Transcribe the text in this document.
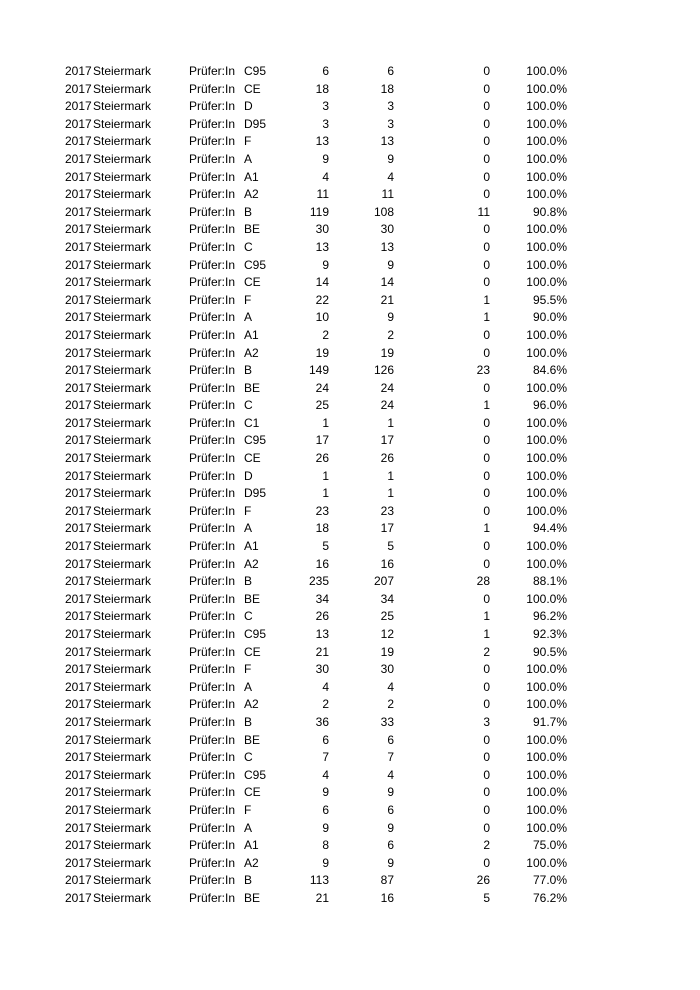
2017 Steiermark	Prüfer:In C95	6	6	0	100.0%
2017 Steiermark	Prüfer:In CE	18	18	0	100.0%
2017 Steiermark	Prüfer:In D	3	3	0	100.0%
2017 Steiermark	Prüfer:In D95	3	3	0	100.0%
2017 Steiermark	Prüfer:In F	13	13	0	100.0%
2017 Steiermark	Prüfer:In A	9	9	0	100.0%
2017 Steiermark	Prüfer:In A1	4	4	0	100.0%
2017 Steiermark	Prüfer:In A2	11	11	0	100.0%
2017 Steiermark	Prüfer:In B	119	108	11	90.8%
2017 Steiermark	Prüfer:In BE	30	30	0	100.0%
2017 Steiermark	Prüfer:In C	13	13	0	100.0%
2017 Steiermark	Prüfer:In C95	9	9	0	100.0%
2017 Steiermark	Prüfer:In CE	14	14	0	100.0%
2017 Steiermark	Prüfer:In F	22	21	1	95.5%
2017 Steiermark	Prüfer:In A	10	9	1	90.0%
2017 Steiermark	Prüfer:In A1	2	2	0	100.0%
2017 Steiermark	Prüfer:In A2	19	19	0	100.0%
2017 Steiermark	Prüfer:In B	149	126	23	84.6%
2017 Steiermark	Prüfer:In BE	24	24	0	100.0%
2017 Steiermark	Prüfer:In C	25	24	1	96.0%
2017 Steiermark	Prüfer:In C1	1	1	0	100.0%
2017 Steiermark	Prüfer:In C95	17	17	0	100.0%
2017 Steiermark	Prüfer:In CE	26	26	0	100.0%
2017 Steiermark	Prüfer:In D	1	1	0	100.0%
2017 Steiermark	Prüfer:In D95	1	1	0	100.0%
2017 Steiermark	Prüfer:In F	23	23	0	100.0%
2017 Steiermark	Prüfer:In A	18	17	1	94.4%
2017 Steiermark	Prüfer:In A1	5	5	0	100.0%
2017 Steiermark	Prüfer:In A2	16	16	0	100.0%
2017 Steiermark	Prüfer:In B	235	207	28	88.1%
2017 Steiermark	Prüfer:In BE	34	34	0	100.0%
2017 Steiermark	Prüfer:In C	26	25	1	96.2%
2017 Steiermark	Prüfer:In C95	13	12	1	92.3%
2017 Steiermark	Prüfer:In CE	21	19	2	90.5%
2017 Steiermark	Prüfer:In F	30	30	0	100.0%
2017 Steiermark	Prüfer:In A	4	4	0	100.0%
2017 Steiermark	Prüfer:In A2	2	2	0	100.0%
2017 Steiermark	Prüfer:In B	36	33	3	91.7%
2017 Steiermark	Prüfer:In BE	6	6	0	100.0%
2017 Steiermark	Prüfer:In C	7	7	0	100.0%
2017 Steiermark	Prüfer:In C95	4	4	0	100.0%
2017 Steiermark	Prüfer:In CE	9	9	0	100.0%
2017 Steiermark	Prüfer:In F	6	6	0	100.0%
2017 Steiermark	Prüfer:In A	9	9	0	100.0%
2017 Steiermark	Prüfer:In A1	8	6	2	75.0%
2017 Steiermark	Prüfer:In A2	9	9	0	100.0%
2017 Steiermark	Prüfer:In B	113	87	26	77.0%
2017 Steiermark	Prüfer:In BE	21	16	5	76.2%
